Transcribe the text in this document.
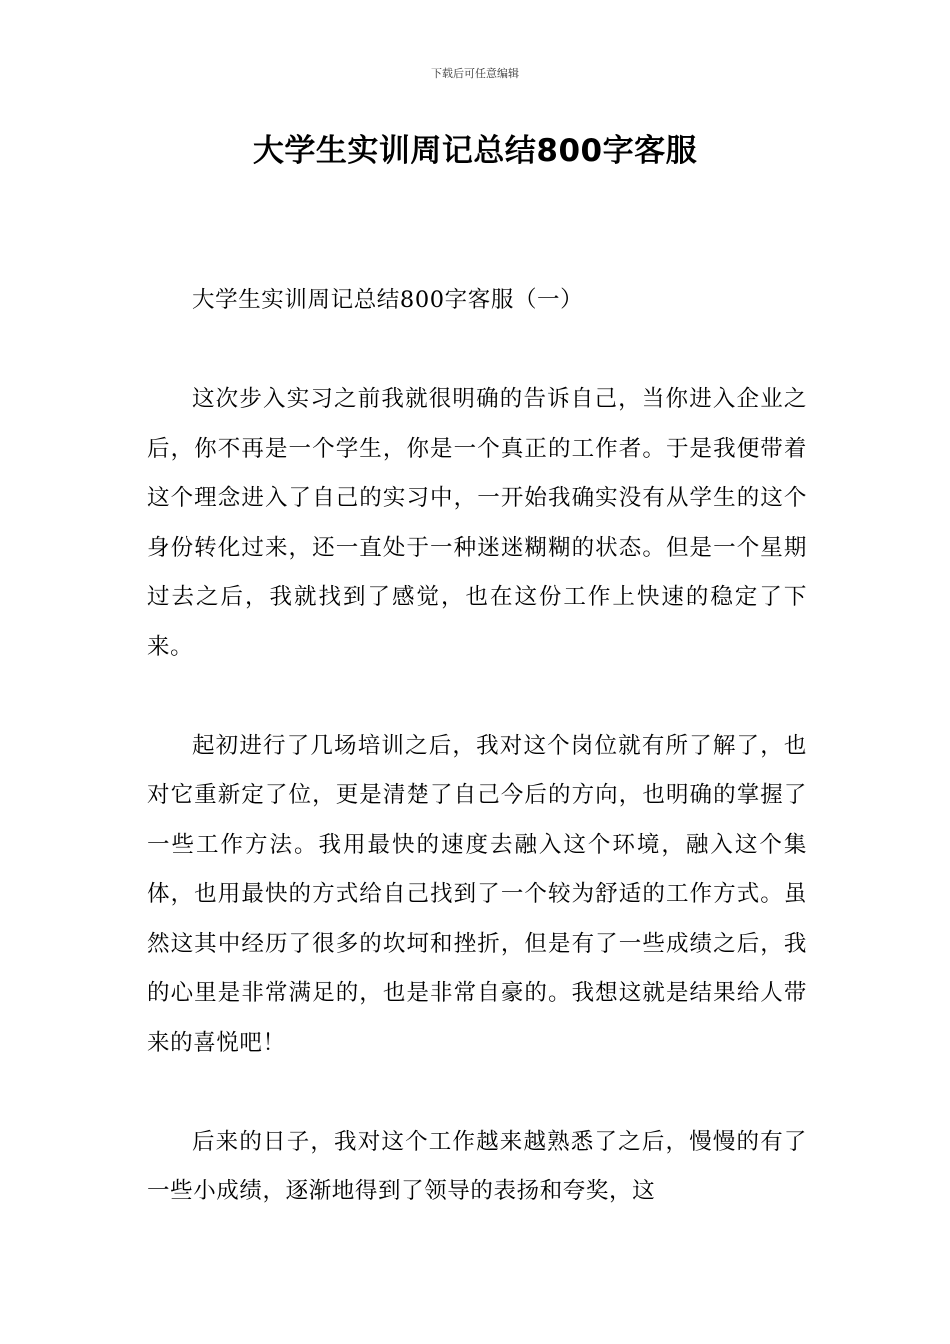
下载后可任意编辑
大学生实训周记总结800字客服

大学生实训周记总结800字客服（一）

这次步入实习之前我就很明确的告诉自己，当你进入企业之后，你不再是一个学生，你是一个真正的工作者。于是我便带着这个理念进入了自己的实习中，一开始我确实没有从学生的这个身份转化过来，还一直处于一种迷迷糊糊的状态。但是一个星期过去之后，我就找到了感觉，也在这份工作上快速的稳定了下来。

起初进行了几场培训之后，我对这个岗位就有所了解了，也对它重新定了位，更是清楚了自己今后的方向，也明确的掌握了一些工作方法。我用最快的速度去融入这个环境，融入这个集体，也用最快的方式给自己找到了一个较为舒适的工作方式。虽然这其中经历了很多的坎坷和挫折，但是有了一些成绩之后，我的心里是非常满足的，也是非常自豪的。我想这就是结果给人带来的喜悦吧！

后来的日子，我对这个工作越来越熟悉了之后，慢慢的有了一些小成绩，逐渐地得到了领导的表扬和夸奖，这
